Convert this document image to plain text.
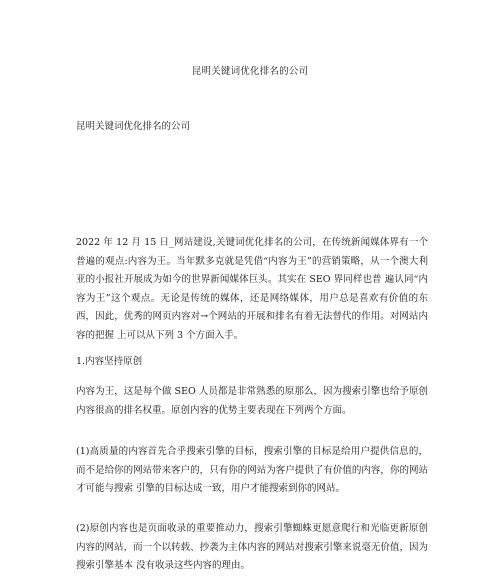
昆明关键词优化排名的公司
昆明关键词优化排名的公司
2022 年 12 月 15 日_网站建设,关键词优化排名的公司，在传统新闻媒体界有一个普遍的观点:内容为王。当年默多克就是凭借“内容为王”的营销策略，从一个澳大利亚的小报社开展成为如今的世界新闻媒体巨头。其实在 SEO 界同样也普 遍认同“内容为王”这个观点。无论是传统的媒体，还是网络媒体，用户总是喜欢有价值的东 西，因此，优秀的网页内容对→个网站的开展和排名有着无法替代的作用。对网站内容的把握 上可以从下列 3 个方面入手。
1.内容坚持原创
内容为王，这是每个做 SEO 人员都是非常熟悉的原那么，因为搜索引擎也给予原创内容很高的排名权重。原创内容的优势主要表现在下列两个方面。
(1)高质量的内容首先合乎搜索引擎的目标，搜索引擎的目标是给用户提供信息的，而不是给你的网站带来客户的，只有你的网站为客户提供了有价值的内容，你的网站才可能与搜索 引擎的目标达成一致，用户才能搜索到你的网站。
(2)原创内容也是页面收录的重要推动力，搜索引擎蜘蛛更愿意爬行和光临更新原创内容的网站，而一个以转载、抄袭为主体内容的网站对搜索引擎来说毫无价值，因为搜索引擎基本 没有收录这些内容的理由。
